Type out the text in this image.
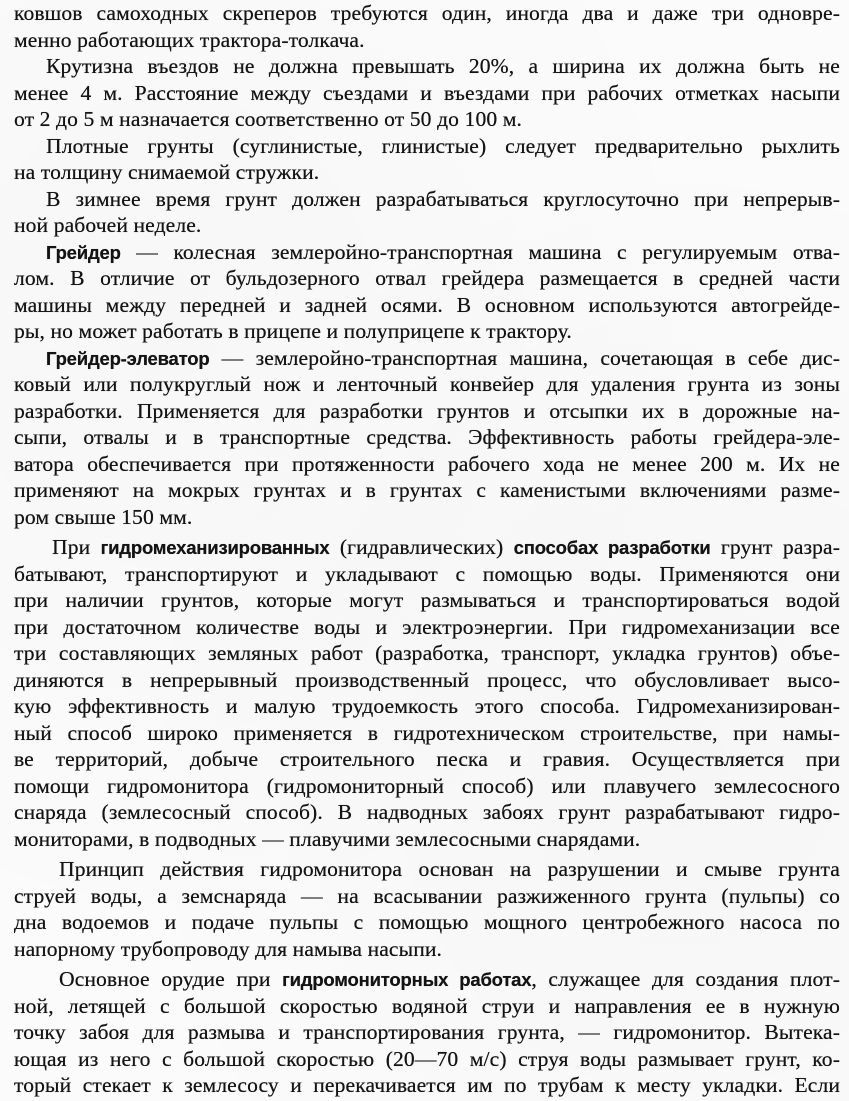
ковшов самоходных скреперов требуются один, иногда два и даже три одновре-
менно работающих трактора-толкача.
Крутизна въездов не должна превышать 20%, а ширина их должна быть не
менее 4 м. Расстояние между съездами и въездами при рабочих отметках насыпи
от 2 до 5 м назначается соответственно от 50 до 100 м.
Плотные грунты (суглинистые, глинистые) следует предварительно рыхлить
на толщину снимаемой стружки.
В зимнее время грунт должен разрабатываться круглосуточно при непрерыв-
ной рабочей неделе.
Грейдер — колесная землеройно-транспортная машина с регулируемым отва-
лом. В отличие от бульдозерного отвал грейдера размещается в средней части
машины между передней и задней осями. В основном используются автогрейде-
ры, но может работать в прицепе и полуприцепе к трактору.
Грейдер-элеватор — землеройно-транспортная машина, сочетающая в себе дис-
ковый или полукруглый нож и ленточный конвейер для удаления грунта из зоны
разработки. Применяется для разработки грунтов и отсыпки их в дорожные на-
сыпи, отвалы и в транспортные средства. Эффективность работы грейдера-эле-
ватора обеспечивается при протяженности рабочего хода не менее 200 м. Их не
применяют на мокрых грунтах и в грунтах с каменистыми включениями разме-
ром свыше 150 мм.
При гидромеханизированных (гидравлических) способах разработки грунт разра-
батывают, транспортируют и укладывают с помощью воды. Применяются они
при наличии грунтов, которые могут размываться и транспортироваться водой
при достаточном количестве воды и электроэнергии. При гидромеханизации все
три составляющих земляных работ (разработка, транспорт, укладка грунтов) объе-
диняются в непрерывный производственный процесс, что обусловливает высо-
кую эффективность и малую трудоемкость этого способа. Гидромеханизирован-
ный способ широко применяется в гидротехническом строительстве, при намы-
ве территорий, добыче строительного песка и гравия. Осуществляется при
помощи гидромонитора (гидромониторный способ) или плавучего землесосного
снаряда (землесосный способ). В надводных забоях грунт разрабатывают гидро-
мониторами, в подводных — плавучими землесосными снарядами.
Принцип действия гидромонитора основан на разрушении и смыве грунта
струей воды, а земснаряда — на всасывании разжиженного грунта (пульпы) со
дна водоемов и подаче пульпы с помощью мощного центробежного насоса по
напорному трубопроводу для намыва насыпи.
Основное орудие при гидромониторных работах, служащее для создания плот-
ной, летящей с большой скоростью водяной струи и направления ее в нужную
точку забоя для размыва и транспортирования грунта, — гидромонитор. Вытека-
ющая из него с большой скоростью (20—70 м/с) струя воды размывает грунт, ко-
торый стекает к землесосу и перекачивается им по трубам к месту укладки. Если
